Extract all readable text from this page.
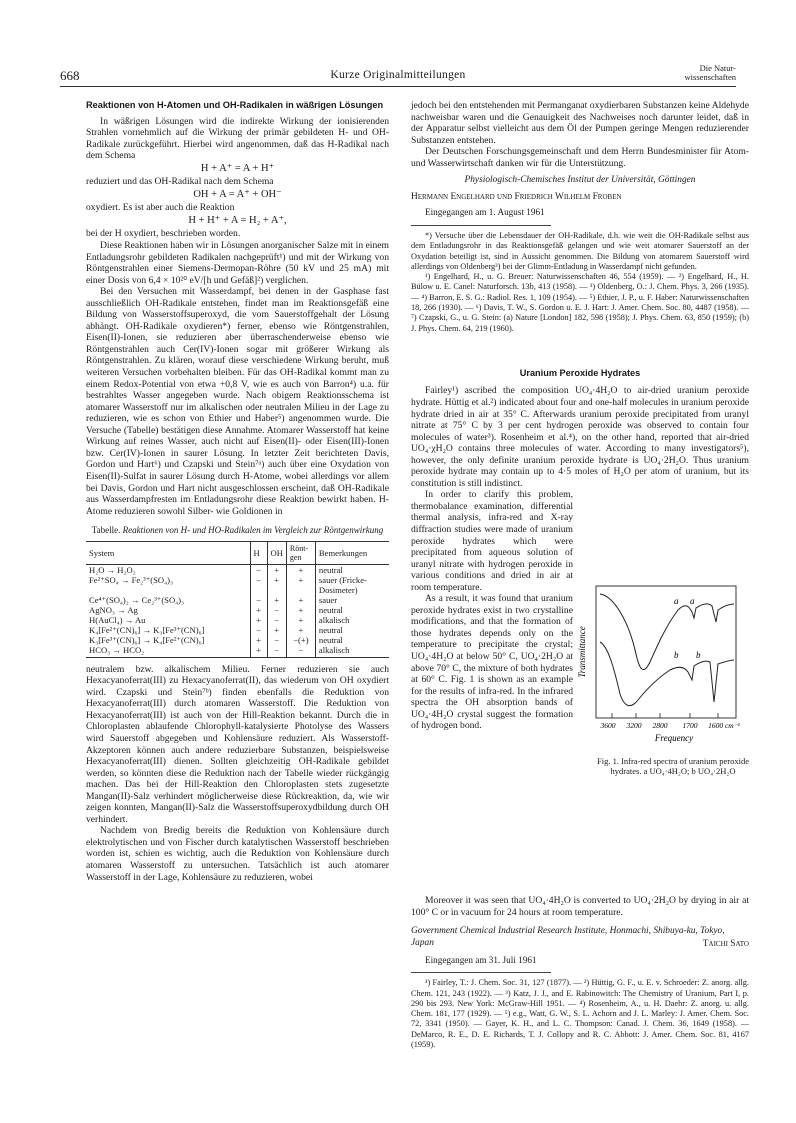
668	Kurze Originalmitteilungen
Die Natur-
wissenschaften
Reaktionen von H-Atomen und OH-Radikalen in wäßrigen Lösungen

In wäßrigen Lösungen wird die indirekte Wirkung der ionisierenden Strahlen vornehmlich auf die Wirkung der primär gebildeten H- und OH-Radikale zurückgeführt. Hierbei wird angenommen, daß das H-Radikal nach dem Schema

H + A⁺ = A + H⁺

reduziert und das OH-Radikal nach dem Schema

OH + A = A⁺ + OH⁻

oxydiert. Es ist aber auch die Reaktion

H + H⁺ + A = H₂ + A⁺,

bei der H oxydiert, beschrieben worden.

Diese Reaktionen haben wir in Lösungen anorganischer Salze mit in einem Entladungsrohr gebildeten Radikalen nachgeprüft¹) und mit der Wirkung von Röntgenstrahlen einer Siemens-Dermopan-Röhre (50 kV und 25 mA) mit einer Dosis von 6,4 × 10²⁰ eV/[h und Gefäß]²) verglichen.

Bei den Versuchen mit Wasserdampf, bei denen in der Gasphase fast ausschließlich OH-Radikale entstehen, findet man im Reaktionsgefäß eine Bildung von Wasserstoffsuperoxyd, die vom Sauerstoffgehalt der Lösung abhängt. OH-Radikale oxydieren*) ferner, ebenso wie Röntgenstrahlen, Eisen(II)-Ionen, sie reduzieren aber überraschenderweise ebenso wie Röntgenstrahlen auch Cer(IV)-Ionen sogar mit größerer Wirkung als Röntgenstrahlen. Zu klären, worauf diese verschiedene Wirkung beruht, muß weiteren Versuchen vorbehalten bleiben. Für das OH-Radikal kommt man zu einem Redox-Potential von etwa +0,8 V, wie es auch von Barron⁴) u.a. für bestrahltes Wasser angegeben wurde. Nach obigem Reaktionsschema ist atomarer Wasserstoff nur im alkalischen oder neutralen Milieu in der Lage zu reduzieren, wie es schon von Ethier und Haber⁵) angenommen wurde. Die Versuche (Tabelle) bestätigen diese Annahme. Atomarer Wasserstoff hat keine Wirkung auf reines Wasser, auch nicht auf Eisen(II)- oder Eisen(III)-Ionen bzw. Cer(IV)-Ionen in saurer Lösung. In letzter Zeit berichteten Davis, Gordon und Hart⁶) und Czapski und Stein⁷ᵃ) auch über eine Oxydation von Eisen(II)-Sulfat in saurer Lösung durch H-Atome, wobei allerdings vor allem bei Davis, Gordon und Hart nicht ausgeschlossen erscheint, daß OH-Radikale aus Wasserdampfresten im Entladungsrohr diese Reaktion bewirkt haben. H-Atome reduzieren sowohl Silber- wie Goldionen in

Tabelle. Reaktionen von H- und HO-Radikalen im Vergleich zur Röntgenwirkung
System	H	OH	Rönt-gen	Bemerkungen
H₂O → H₂O₂	−	+	+	neutral
Fe²⁺SO₄ → Fe₂³⁺(SO₄)₃	−	+	+	sauer (Fricke-
				Dosimeter)
Ce⁴⁺(SO₄)₂ → Ce₂³⁺(SO₄)₃	−	+	+	sauer
AgNO₃ → Ag	+	−	+	neutral
H(AuCl₄) → Au	+	−	+	alkalisch
K₄[Fe²⁺(CN)₆] → K₃[Fe³⁺(CN)₆]	−	+	+	neutral
K₃[Fe³⁺(CN)₆] → K₄[Fe²⁺(CN)₆]	+	−	−(+)	neutral
HCO₃ → HCO₂	+	−	−	alkalisch

neutralem bzw. alkalischem Milieu. Ferner reduzieren sie auch Hexacyanoferrat(III) zu Hexacyanoferrat(II), das wiederum von OH oxydiert wird. Czapski und Stein⁷ᵇ) finden ebenfalls die Reduktion von Hexacyanoferrat(III) durch atomaren Wasserstoff. Die Reduktion von Hexacyanoferrat(III) ist auch von der Hill-Reaktion bekannt. Durch die in Chloroplasten ablaufende Chlorophyll-katalysierte Photolyse des Wassers wird Sauerstoff abgegeben und Kohlensäure reduziert. Als Wasserstoff-Akzeptoren können auch andere reduzierbare Substanzen, beispielsweise Hexacyanoferrat(III) dienen. Sollten gleichzeitig OH-Radikale gebildet werden, so könnten diese die Reduktion nach der Tabelle wieder rückgängig machen. Das bei der Hill-Reaktion den Chloroplasten stets zugesetzte Mangan(II)-Salz verhindert möglicherweise diese Rückreaktion, da, wie wir zeigen konnten, Mangan(II)-Salz die Wasserstoffsuperoxydbildung durch OH verhindert.

Nachdem von Bredig bereits die Reduktion von Kohlensäure durch elektrolytischen und von Fischer durch katalytischen Wasserstoff beschrieben worden ist, schien es wichtig, auch die Reduktion von Kohlensäure durch atomaren Wasserstoff zu untersuchen. Tatsächlich ist auch atomarer Wasserstoff in der Lage, Kohlensäure zu reduzieren, wobei

jedoch bei den entstehenden mit Permanganat oxydierbaren Substanzen keine Aldehyde nachweisbar waren und die Genauigkeit des Nachweises noch darunter leidet, daß in der Apparatur selbst vielleicht aus dem Öl der Pumpen geringe Mengen reduzierender Substanzen entstehen.

Der Deutschen Forschungsgemeinschaft und dem Herrn Bundesminister für Atom- und Wasserwirtschaft danken wir für die Unterstützung.

Physiologisch-Chemisches Institut der Universität, Göttingen
Hermann Engelhard und Friedrich Wilhelm Froben
Eingegangen am 1. August 1961

*) Versuche über die Lebensdauer der OH-Radikale, d.h. wie weit die OH-Radikale selbst aus dem Entladungsrohr in das Reaktionsgefäß gelangen und wie weit atomarer Sauerstoff an der Oxydation beteiligt ist, sind in Aussicht genommen. Die Bildung von atomarem Sauerstoff wird allerdings von Oldenberg³) bei der Glimm-Entladung in Wasserdampf nicht gefunden.

¹) Engelhard, H., u. G. Breuer: Naturwissenschaften 46, 554 (1959). — ²) Engelhard, H., H. Bülow u. E. Canel: Naturforsch. 13b, 413 (1958). — ³) Oldenberg, O.: J. Chem. Phys. 3, 266 (1935). — ⁴) Barron, E. S. G.: Radiol. Res. 1, 109 (1954). — ⁵) Ethier, J. P., u. F. Haber: Naturwissenschaften 18, 266 (1930). — ⁶) Davis, T. W., S. Gordon u. E. J. Hart: J. Amer. Chem. Soc. 80, 4487 (1958). — ⁷) Czapski, G., u. G. Stein: (a) Nature [London] 182, 598 (1958); J. Phys. Chem. 63, 850 (1959); (b) J. Phys. Chem. 64, 219 (1960).

Uranium Peroxide Hydrates

Fairley¹) ascribed the composition UO₄·4H₂O to air-dried uranium peroxide hydrate. Hüttig et al.²) indicated about four and one-half molecules in uranium peroxide hydrate dried in air at 35° C. Afterwards uranium peroxide precipitated from uranyl nitrate at 75° C by 3 per cent hydrogen peroxide was observed to contain four molecules of water³). Rosenheim et al.⁴), on the other hand, reported that air-dried UO₄·χH₂O contains three molecules of water. According to many investigators⁵), however, the only definite uranium peroxide hydrate is UO₄·2H₂O. Thus uranium peroxide hydrate may contain up to 4·5 moles of H₂O per atom of uranium, but its constitution is still indistinct.

In order to clarify this problem, thermobalance examination, differential thermal analysis, infra-red and X-ray diffraction studies were made of uranium peroxide hydrates which were precipitated from aqueous solution of uranyl nitrate with hydrogen peroxide in various conditions and dried in air at room temperature.

As a result, it was found that uranium peroxide hydrates exist in two crystalline modifications, and that the formation of those hydrates depends only on the temperature to precipitate the crystal; UO₄·4H₂O at below 50° C, UO₄·2H₂O at above 70° C, the mixture of both hydrates at 60° C. Fig. 1 is shown as an example for the results of infra-red. In the infrared spectra the OH absorption bands of UO₄·4H₂O crystal suggest the formation of hydrogen bond.

Moreover it was seen that UO₄·4H₂O is converted to UO₄·2H₂O by drying in air at 100° C or in vacuum for 24 hours at room temperature.

Government Chemical Industrial Research Institute, Honmachi, Shibuya-ku, Tokyo, Japan	Taichi Sato
Eingegangen am 31. Juli 1961

¹) Fairley, T.: J. Chem. Soc. 31, 127 (1877). — ²) Hüttig, G. F., u. E. v. Schroeder: Z. anorg. allg. Chem. 121, 243 (1922). — ³) Katz, J. J., and E. Rabinowitch: The Chemistry of Uranium, Part I, p. 290 bis 293. New York: McGraw-Hill 1951. — ⁴) Rosenheim, A., u. H. Daehr: Z. anorg. u. allg. Chem. 181, 177 (1929). — ⁵) e.g., Watt, G. W., S. L. Achorn and J. L. Marley: J. Amer. Chem. Soc. 72, 3341 (1950). — Gayer, K. H., and L. C. Thompson: Canad. J. Chem. 36, 1649 (1958). — DeMarco, R. E., D. E. Richards, T. J. Collopy and R. C. Abbott: J. Amer. Chem. Soc. 81, 4167 (1959).

Transmittance
a a
b b
3600 3200 2800 1700 1600 cm⁻¹
Frequency
Fig. 1. Infra-red spectra of uranium peroxide hydrates. a UO₄·4H₂O; b UO₄·2H₂O
